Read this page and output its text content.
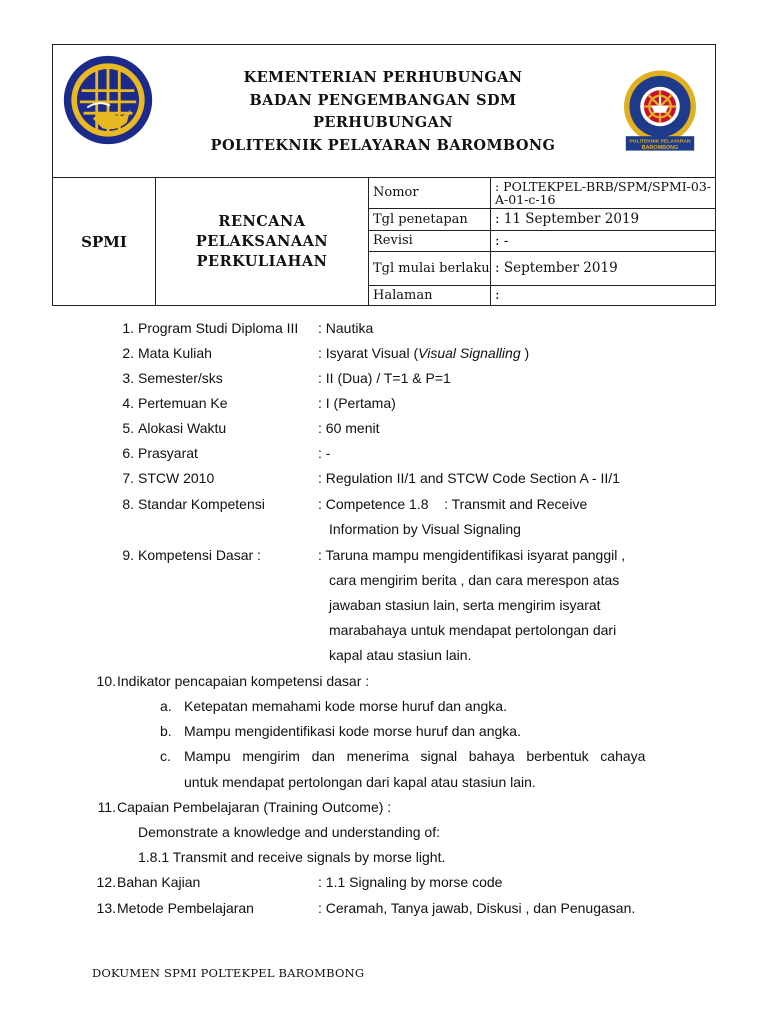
KEMENTERIAN PERHUBUNGAN
BADAN PENGEMBANGAN SDM
PERHUBUNGAN
POLITEKNIK PELAYARAN BAROMBONG	POLITEKNIK PELAYARAN
BAROMBONG
SPMI
RENCANA
PELAKSANAAN
PERKULIAHAN
Nomor	: POLTEKPEL-BRB/SPM/SPMI-03-A-01-c-16
Tgl penetapan	: 11 September 2019
Revisi	: -
Tgl mulai berlaku : September 2019
Halaman	:
1. Program Studi Diploma III : Nautika
2. Mata Kuliah	: Isyarat Visual (Visual Signalling )
3. Semester/sks	: II (Dua) / T=1 & P=1
4. Pertemuan Ke	: I (Pertama)
5. Alokasi Waktu	: 60 menit
6. Prasyarat	: -
7. STCW 2010	: Regulation II/1 and STCW Code Section A - II/1
8. Standar Kompetensi	: Competence 1.8    : Transmit and Receive
Information by Visual Signaling
9. Kompetensi Dasar :	: Taruna mampu mengidentifikasi isyarat panggil ,
cara mengirim berita , dan cara merespon atas
jawaban stasiun lain, serta mengirim isyarat
marabahaya untuk mendapat pertolongan dari
kapal atau stasiun lain.
10. Indikator pencapaian kompetensi dasar :
a. Ketepatan memahami kode morse huruf dan angka.
b. Mampu mengidentifikasi kode morse huruf dan angka.
c. Mampu   mengirim   dan   menerima   signal   bahaya   berbentuk   cahaya
untuk mendapat pertolongan dari kapal atau stasiun lain.
11. Capaian Pembelajaran (Training Outcome) :
Demonstrate a knowledge and understanding of:
1.8.1 Transmit and receive signals by morse light.
12. Bahan Kajian	: 1.1 Signaling by morse code
13. Metode Pembelajaran	: Ceramah, Tanya jawab, Diskusi , dan Penugasan.
DOKUMEN SPMI POLTEKPEL BAROMBONG
